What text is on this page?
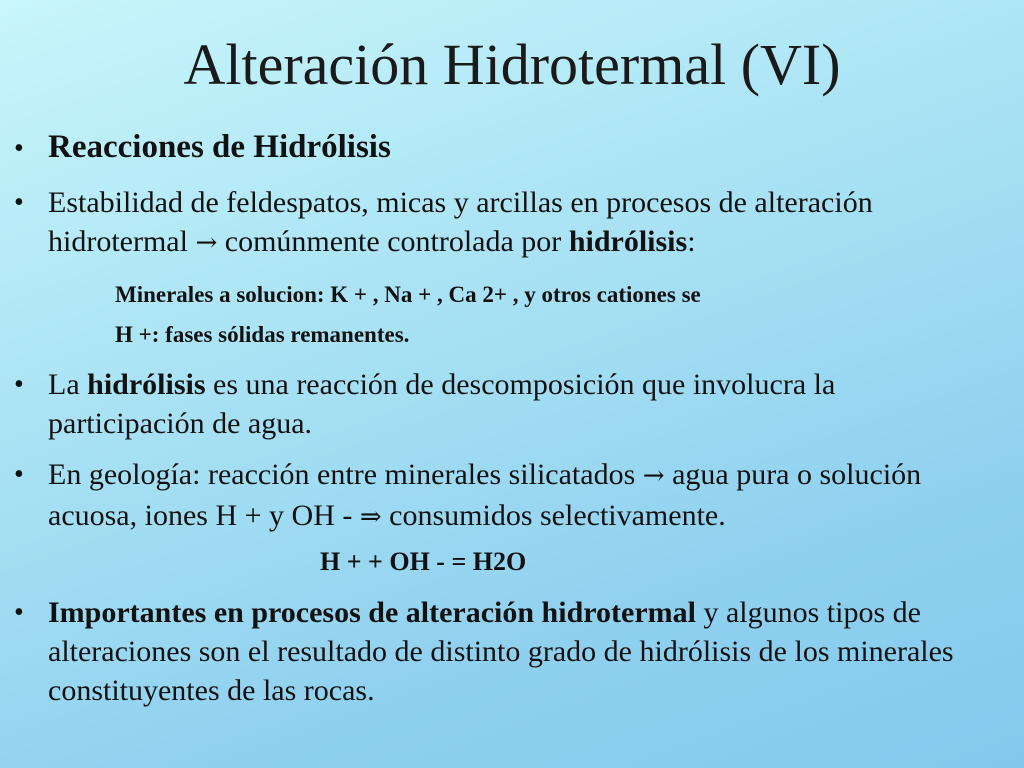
Alteración Hidrotermal (VI)
• Reacciones de Hidrólisis
• Estabilidad de feldespatos, micas y arcillas en procesos de alteración hidrotermal → comúnmente controlada por hidrólisis:
Minerales a solucion: K + , Na + , Ca 2+ , y otros cationes se
H +: fases sólidas remanentes.
• La hidrólisis es una reacción de descomposición que involucra la participación de agua.
• En geología: reacción entre minerales silicatados → agua pura o solución acuosa, iones H + y OH - ⇒ consumidos selectivamente.
H + + OH - = H2O
• Importantes en procesos de alteración hidrotermal y algunos tipos de alteraciones son el resultado de distinto grado de hidrólisis de los minerales constituyentes de las rocas.
